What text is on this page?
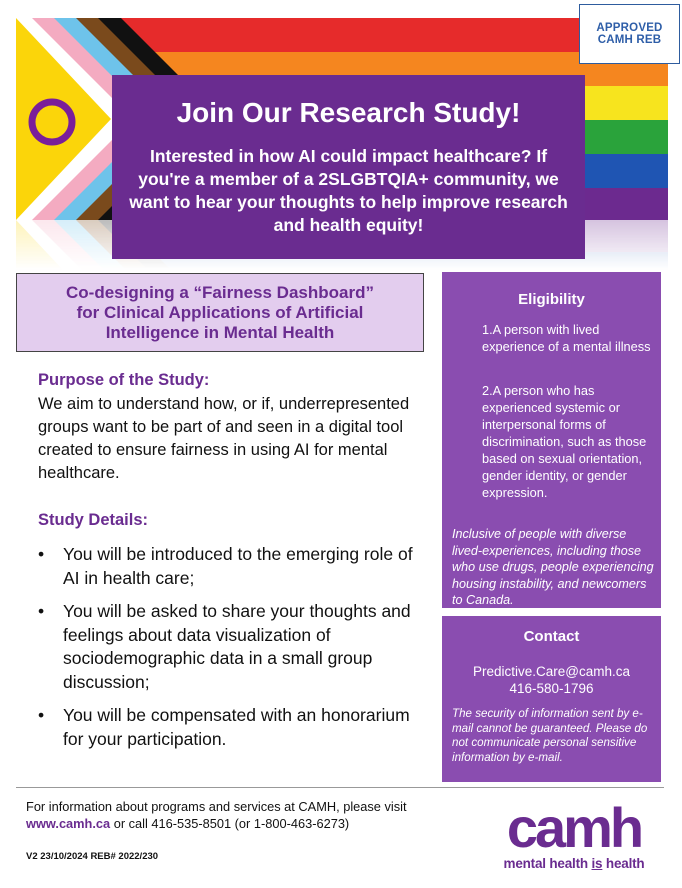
APPROVED
CAMH REB
Join Our Research Study!

Interested in how AI could impact healthcare? If you're a member of a 2SLGBTQIA+ community, we want to hear your thoughts to help improve research and health equity!

Co-designing a “Fairness Dashboard”
for Clinical Applications of Artificial
Intelligence in Mental Health
Purpose of the Study:
We aim to understand how, or if, underrepresented groups want to be part of and seen in a digital tool created to ensure fairness in using AI for mental healthcare.
Study Details:
• You will be introduced to the emerging role of AI in health care;
• You will be asked to share your thoughts and feelings about data visualization of sociodemographic data in a small group discussion;
• You will be compensated with an honorarium for your participation.
Eligibility
1.A person with lived experience of a mental illness
2.A person who has experienced systemic or interpersonal forms of discrimination, such as those based on sexual orientation, gender identity, or gender expression.
Inclusive of people with diverse lived-experiences, including those who use drugs, people experiencing housing instability, and newcomers to Canada.
Contact
Predictive.Care@camh.ca
416-580-1796
The security of information sent by e-mail cannot be guaranteed. Please do not communicate personal sensitive information by e-mail.
For information about programs and services at CAMH, please visit www.camh.ca or call 416-535-8501 (or 1-800-463-6273)
V2 23/10/2024 REB# 2022/230	camh
mental health is health
